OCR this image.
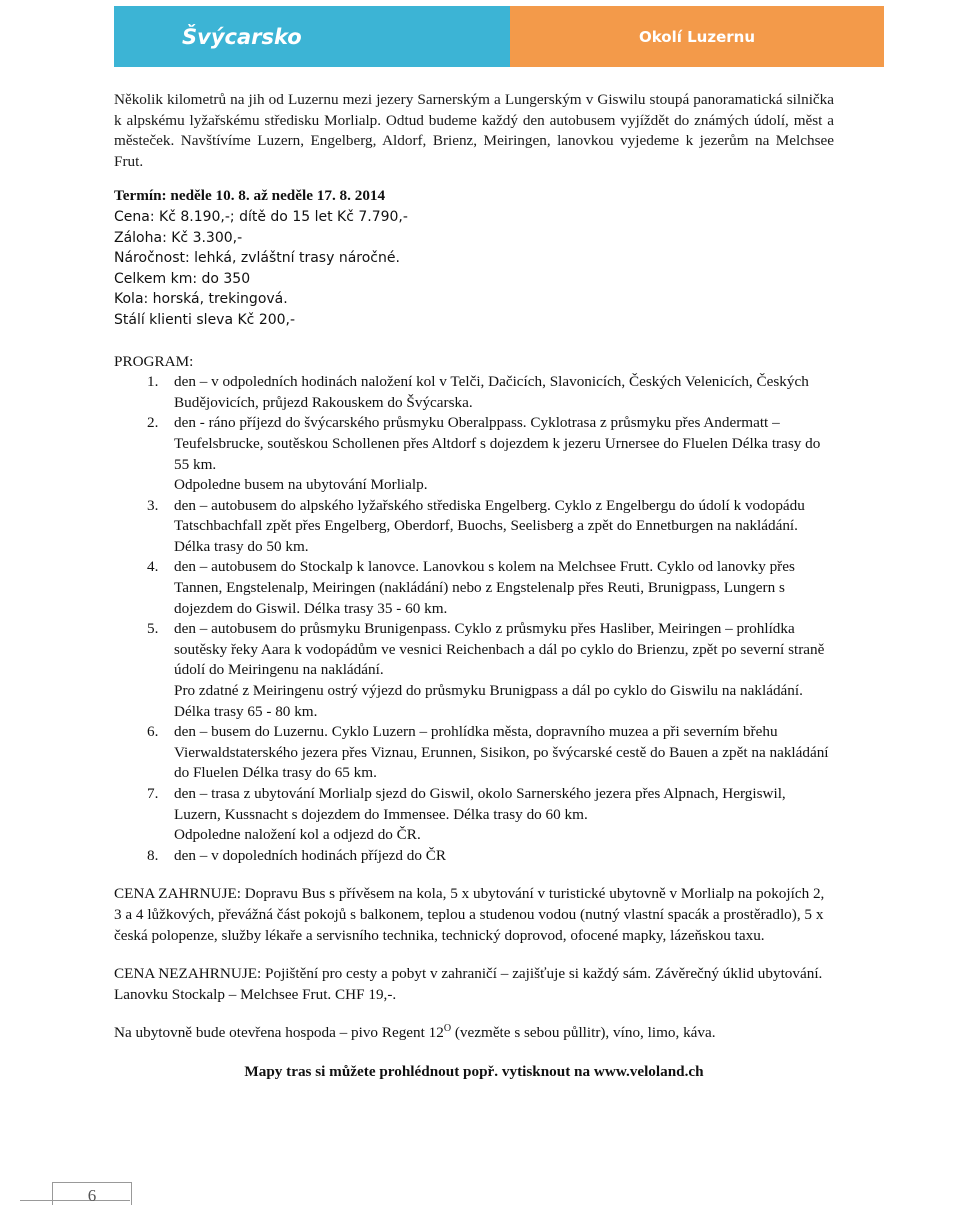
Švýcarsko	Okolí Luzernu
Několik kilometrů na jih od Luzernu mezi jezery Sarnerským a Lungerským v Giswilu stoupá panoramatická silnička k alpskému lyžařskému středisku Morlialp. Odtud budeme každý den autobusem vyjíždět do známých údolí, měst a městeček. Navštívíme Luzern, Engelberg, Aldorf, Brienz, Meiringen, lanovkou vyjedeme k jezerům na Melchsee Frut.
Termín: neděle 10. 8. až neděle 17. 8. 2014
Cena: Kč 8.190,-; dítě do 15 let Kč 7.790,-
Záloha: Kč 3.300,-
Náročnost: lehká, zvláštní trasy náročné.
Celkem km: do 350
Kola: horská, trekingová.
Stálí klienti sleva Kč 200,-
PROGRAM:
1. den – v odpoledních hodinách naložení kol v Telči, Dačicích, Slavonicích, Českých Velenicích, Českých Budějovicích, průjezd Rakouskem do Švýcarska.
2. den - ráno příjezd do švýcarského průsmyku Oberalppass. Cyklotrasa z průsmyku přes Andermatt – Teufelsbrucke, soutěskou Schollenen přes Altdorf s dojezdem k jezeru Urnersee do Fluelen Délka trasy do 55 km.
Odpoledne busem na ubytování Morlialp.
3. den – autobusem do alpského lyžařského střediska Engelberg. Cyklo z Engelbergu do údolí k vodopádu Tatschbachfall zpět přes Engelberg, Oberdorf, Buochs, Seelisberg a zpět do Ennetburgen na nakládání. Délka trasy do 50 km.
4. den – autobusem do Stockalp k lanovce. Lanovkou s kolem na Melchsee Frutt. Cyklo od lanovky přes Tannen, Engstelenalp, Meiringen (nakládání) nebo z Engstelenalp přes Reuti, Brunigpass, Lungern s dojezdem do Giswil. Délka trasy 35 - 60 km.
5. den – autobusem do průsmyku Brunigenpass. Cyklo z průsmyku přes Hasliber, Meiringen – prohlídka soutěsky řeky Aara k vodopádům ve vesnici Reichenbach a dál po cyklo do Brienzu, zpět po severní straně údolí do Meiringenu na nakládání.
Pro zdatné z Meiringenu ostrý výjezd do průsmyku Brunigpass a dál po cyklo do Giswilu na nakládání. Délka trasy 65 - 80 km.
6. den – busem do Luzernu. Cyklo Luzern – prohlídka města, dopravního muzea a při severním břehu Vierwaldstaterského jezera přes Viznau, Erunnen, Sisikon, po švýcarské cestě do Bauen a zpět na nakládání do Fluelen Délka trasy do 65 km.
7. den – trasa z ubytování Morlialp sjezd do Giswil, okolo Sarnerského jezera přes Alpnach, Hergiswil, Luzern, Kussnacht s dojezdem do Immensee. Délka trasy do 60 km.
Odpoledne naložení kol a odjezd do ČR.
8. den – v dopoledních hodinách příjezd do ČR
CENA ZAHRNUJE: Dopravu Bus s přívěsem na kola, 5 x ubytování v turistické ubytovně v Morlialp na pokojích 2, 3 a 4 lůžkových, převážná část pokojů s balkonem, teplou a studenou vodou (nutný vlastní spacák a prostěradlo), 5 x česká polopenze, služby lékaře a servisního technika, technický doprovod, ofocené mapky, lázeňskou taxu.
CENA NEZAHRNUJE: Pojištění pro cesty a pobyt v zahraničí – zajišťuje si každý sám. Závěrečný úklid ubytování. Lanovku Stockalp – Melchsee Frut. CHF 19,-.
Na ubytovně bude otevřena hospoda – pivo Regent $12^O$ (vezměte s sebou půllitr), víno, limo, káva.
Mapy tras si můžete prohlédnout popř. vytisknout na www.veloland.ch
6
